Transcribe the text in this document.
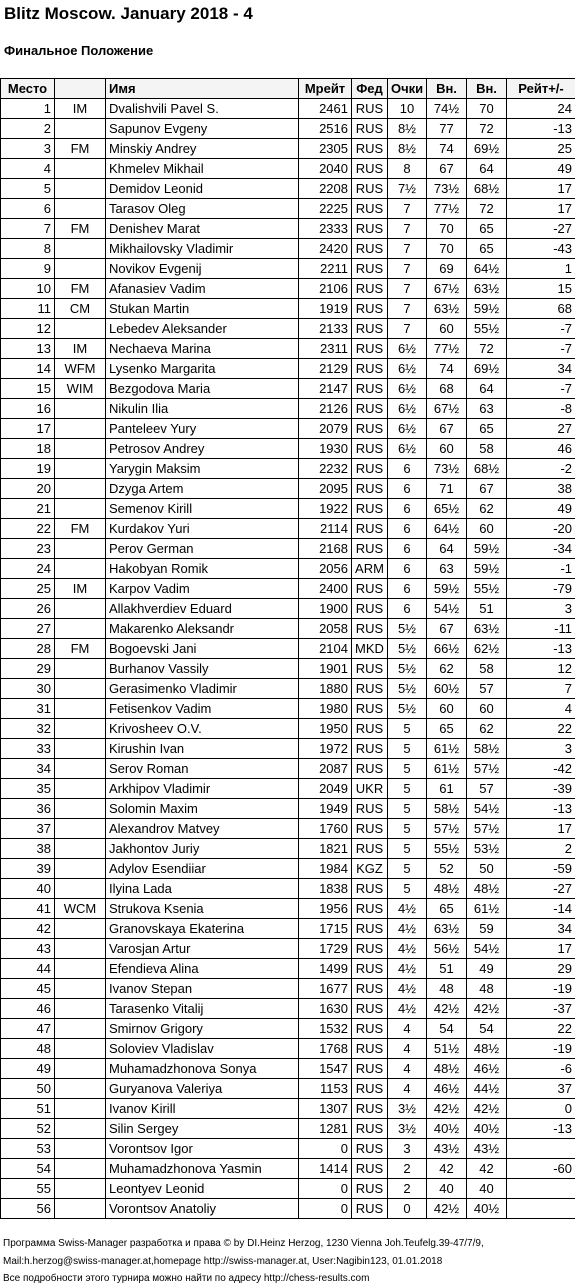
Blitz Moscow. January 2018 - 4
Финальное Положение
Место		Имя	Мрейт	Фед	Очки	Вн.	Вн.	Рейт+/-
1	IM	Dvalishvili Pavel S.	2461	RUS	10	74½	70	24
2		Sapunov Evgeny	2516	RUS	8½	77	72	-13
3	FM	Minskiy Andrey	2305	RUS	8½	74	69½	25
4		Khmelev Mikhail	2040	RUS	8	67	64	49
5		Demidov Leonid	2208	RUS	7½	73½	68½	17
6		Tarasov Oleg	2225	RUS	7	77½	72	17
7	FM	Denishev Marat	2333	RUS	7	70	65	-27
8		Mikhailovsky Vladimir	2420	RUS	7	70	65	-43
9		Novikov Evgenij	2211	RUS	7	69	64½	1
10	FM	Afanasiev Vadim	2106	RUS	7	67½	63½	15
11	CM	Stukan Martin	1919	RUS	7	63½	59½	68
12		Lebedev Aleksander	2133	RUS	7	60	55½	-7
13	IM	Nechaeva Marina	2311	RUS	6½	77½	72	-7
14	WFM	Lysenko Margarita	2129	RUS	6½	74	69½	34
15	WIM	Bezgodova Maria	2147	RUS	6½	68	64	-7
16		Nikulin Ilia	2126	RUS	6½	67½	63	-8
17		Panteleev Yury	2079	RUS	6½	67	65	27
18		Petrosov Andrey	1930	RUS	6½	60	58	46
19		Yarygin Maksim	2232	RUS	6	73½	68½	-2
20		Dzyga Artem	2095	RUS	6	71	67	38
21		Semenov Kirill	1922	RUS	6	65½	62	49
22	FM	Kurdakov Yuri	2114	RUS	6	64½	60	-20
23		Perov German	2168	RUS	6	64	59½	-34
24		Hakobyan Romik	2056	ARM	6	63	59½	-1
25	IM	Karpov Vadim	2400	RUS	6	59½	55½	-79
26		Allakhverdiev Eduard	1900	RUS	6	54½	51	3
27		Makarenko Aleksandr	2058	RUS	5½	67	63½	-11
28	FM	Bogoevski Jani	2104	MKD	5½	66½	62½	-13
29		Burhanov Vassily	1901	RUS	5½	62	58	12
30		Gerasimenko Vladimir	1880	RUS	5½	60½	57	7
31		Fetisenkov Vadim	1980	RUS	5½	60	60	4
32		Krivosheev O.V.	1950	RUS	5	65	62	22
33		Kirushin Ivan	1972	RUS	5	61½	58½	3
34		Serov Roman	2087	RUS	5	61½	57½	-42
35		Arkhipov Vladimir	2049	UKR	5	61	57	-39
36		Solomin Maxim	1949	RUS	5	58½	54½	-13
37		Alexandrov Matvey	1760	RUS	5	57½	57½	17
38		Jakhontov Juriy	1821	RUS	5	55½	53½	2
39		Adylov Esendiiar	1984	KGZ	5	52	50	-59
40		Ilyina Lada	1838	RUS	5	48½	48½	-27
41	WCM	Strukova Ksenia	1956	RUS	4½	65	61½	-14
42		Granovskaya Ekaterina	1715	RUS	4½	63½	59	34
43		Varosjan Artur	1729	RUS	4½	56½	54½	17
44		Efendieva Alina	1499	RUS	4½	51	49	29
45		Ivanov Stepan	1677	RUS	4½	48	48	-19
46		Tarasenko Vitalij	1630	RUS	4½	42½	42½	-37
47		Smirnov Grigory	1532	RUS	4	54	54	22
48		Soloviev Vladislav	1768	RUS	4	51½	48½	-19
49		Muhamadzhonova Sonya	1547	RUS	4	48½	46½	-6
50		Guryanova Valeriya	1153	RUS	4	46½	44½	37
51		Ivanov Kirill	1307	RUS	3½	42½	42½	0
52		Silin Sergey	1281	RUS	3½	40½	40½	-13
53		Vorontsov Igor	0	RUS	3	43½	43½	
54		Muhamadzhonova Yasmin	1414	RUS	2	42	42	-60
55		Leontyev Leonid	0	RUS	2	40	40	
56		Vorontsov Anatoliy	0	RUS	0	42½	40½	
Программа Swiss-Manager разработка и права © by DI.Heinz Herzog, 1230 Vienna Joh.Teufelg.39-47/7/9,
Mail:h.herzog@swiss-manager.at,homepage http://swiss-manager.at, User:Nagibin123, 01.01.2018
Все подробности этого турнира можно найти по адресу http://chess-results.com
